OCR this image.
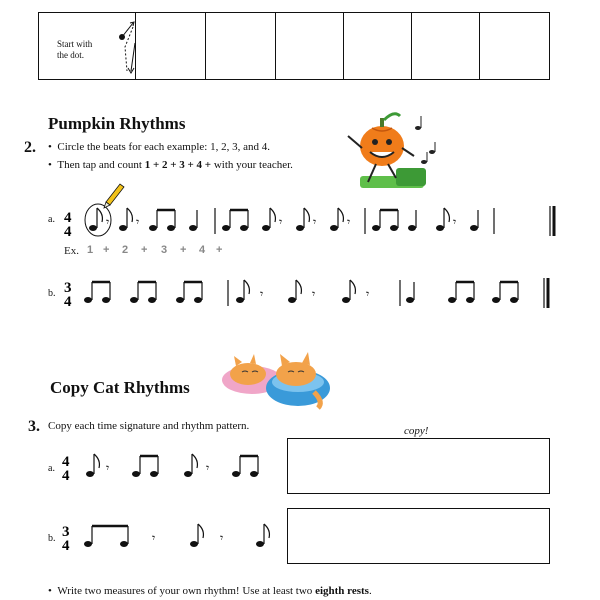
Start with
the dot.
Pumpkin Rhythms
2. •  Circle the beats for each example: 1, 2, 3, and 4.
•  Then tap and count 1 + 2 + 3 + 4 + with your teacher.
a. 4
4
𝄾 𝄾	𝄾	𝄾	𝄾	𝄾
Ex. 1 + 2 + 3 + 4 +
b. 3
4	𝄾	𝄾	𝄾
Copy Cat Rhythms
3. Copy each time signature and rhythm pattern.	copy!
a. 4
4	𝄾	𝄾
b. 3
4	𝄾	𝄾
•  Write two measures of your own rhythm! Use at least two eighth rests.
